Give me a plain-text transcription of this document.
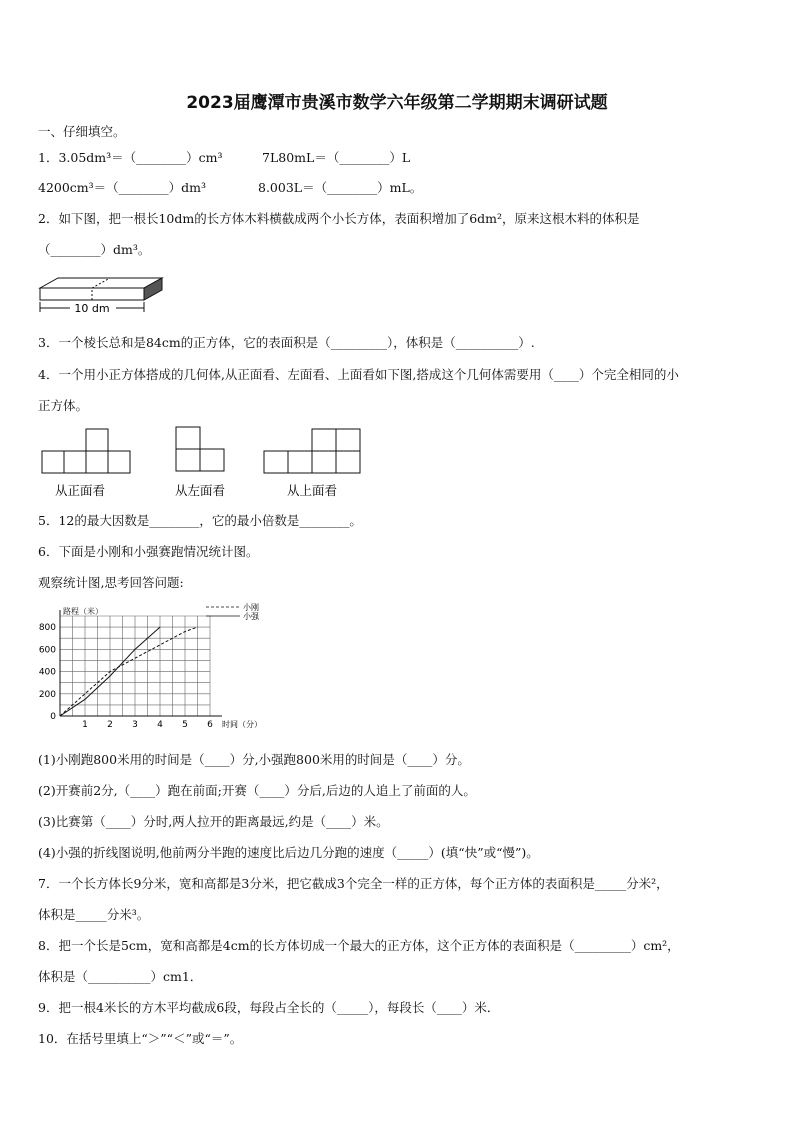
2023届鹰潭市贵溪市数学六年级第二学期期末调研试题
一、仔细填空。
1．3.05dm³＝（________）cm³	7L80mL＝（________）L
4200cm³＝（________）dm³	8.003L＝（________）mL。
2．如下图，把一根长10dm的长方体木料横截成两个小长方体，表面积增加了6dm²，原来这根木料的体积是
（________）dm³。
10 dm
3．一个棱长总和是84cm的正方体，它的表面积是（_________），体积是（__________）.
4．一个用小正方体搭成的几何体,从正面看、左面看、上面看如下图,搭成这个几何体需要用（____）个完全相同的小
正方体。
从正面看	从左面看	从上面看
5．12的最大因数是________，它的最小倍数是________。
6．下面是小刚和小强赛跑情况统计图。
观察统计图,思考回答问题:
0
200
400
600
800
1 2 3 4 5 6
路程（米）
时间（分）
小刚
小强
(1)小刚跑800米用的时间是（____）分,小强跑800米用的时间是（____）分。
(2)开赛前2分,（____）跑在前面;开赛（____）分后,后边的人追上了前面的人。
(3)比赛第（____）分时,两人拉开的距离最远,约是（____）米。
(4)小强的折线图说明,他前两分半跑的速度比后边几分跑的速度（_____）(填“快”或“慢”)。
7．一个长方体长9分米，宽和高都是3分米，把它截成3个完全一样的正方体，每个正方体的表面积是_____分米²，
体积是_____分米³。
8．把一个长是5cm，宽和高都是4cm的长方体切成一个最大的正方体，这个正方体的表面积是（_________）cm²，
体积是（__________）cm1．
9．把一根4米长的方木平均截成6段，每段占全长的（_____），每段长（____）米．
10．在括号里填上“＞”“＜”或“＝”。
